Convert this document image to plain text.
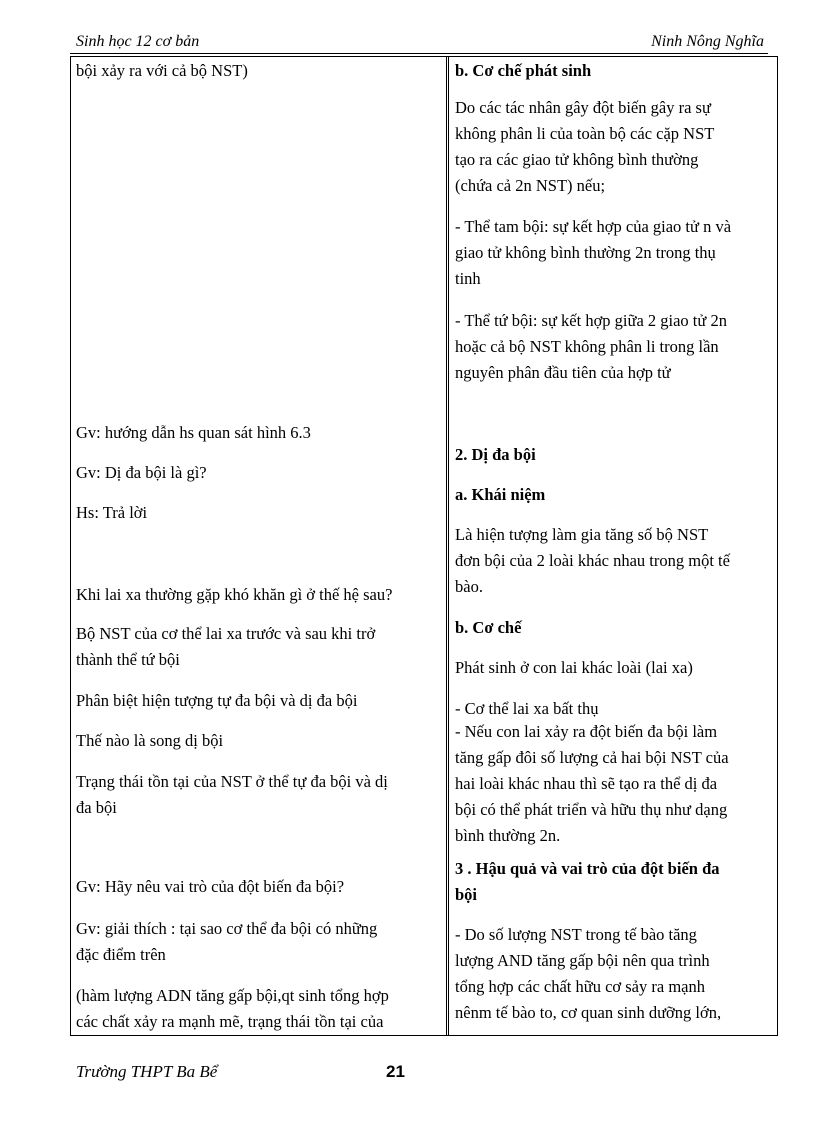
Sinh học 12 cơ bản	Ninh Nông Nghĩa
bội xảy ra với cả bộ NST)
Gv: hướng dẫn hs quan sát hình 6.3
Gv: Dị đa bội là gì?
Hs: Trả lời
Khi lai xa thường gặp khó khăn gì ở thế hệ sau?
Bộ NST của cơ thể lai xa trước và sau khi trở
thành thể tứ bội
Phân biệt hiện tượng tự đa bội và dị đa bội
Thế nào là song dị bội
Trạng thái tồn tại của NST ở thể tự đa bội và dị
đa bội
Gv: Hãy nêu vai trò của đột biến đa bội?
Gv: giải thích : tại sao cơ thể đa bội có những
đặc điểm trên
(hàm lượng ADN tăng gấp bội,qt sinh tổng hợp
các chất xảy ra mạnh mẽ, trạng thái tồn tại của
b. Cơ chế phát sinh
Do các tác nhân gây đột biến gây ra sự
không phân li của toàn bộ các cặp NST
tạo ra các giao tử không bình thường
(chứa cả 2n NST) nếu;
- Thể tam bội: sự kết hợp của giao tử n và
giao tử không bình thường 2n trong thụ
tinh
- Thể tứ bội: sự kết hợp giữa 2 giao tử 2n
hoặc cả bộ NST không phân li trong lần
nguyên phân đầu tiên của hợp tử
2. Dị đa bội
a. Khái niệm
Là hiện tượng làm gia tăng số bộ NST
đơn bội của 2 loài khác nhau trong một tế
bào.
b. Cơ chế
Phát sinh ở con lai khác loài (lai xa)
- Cơ thể lai xa bất thụ
- Nếu con lai xảy ra đột biến đa bội làm
tăng gấp đôi số lượng cả hai bội NST của
hai loài khác nhau thì sẽ tạo ra thể dị đa
bội có thể phát triển và hữu thụ như dạng
bình thường 2n.
3 . Hậu quả và vai trò của đột biến đa
bội
- Do số lượng NST trong tế bào tăng
lượng AND tăng gấp bội nên qua trình
tổng hợp các chất hữu cơ sảy ra mạnh
nênm tế bào to, cơ quan sinh dưỡng lớn,
Trường THPT Ba Bể	21
